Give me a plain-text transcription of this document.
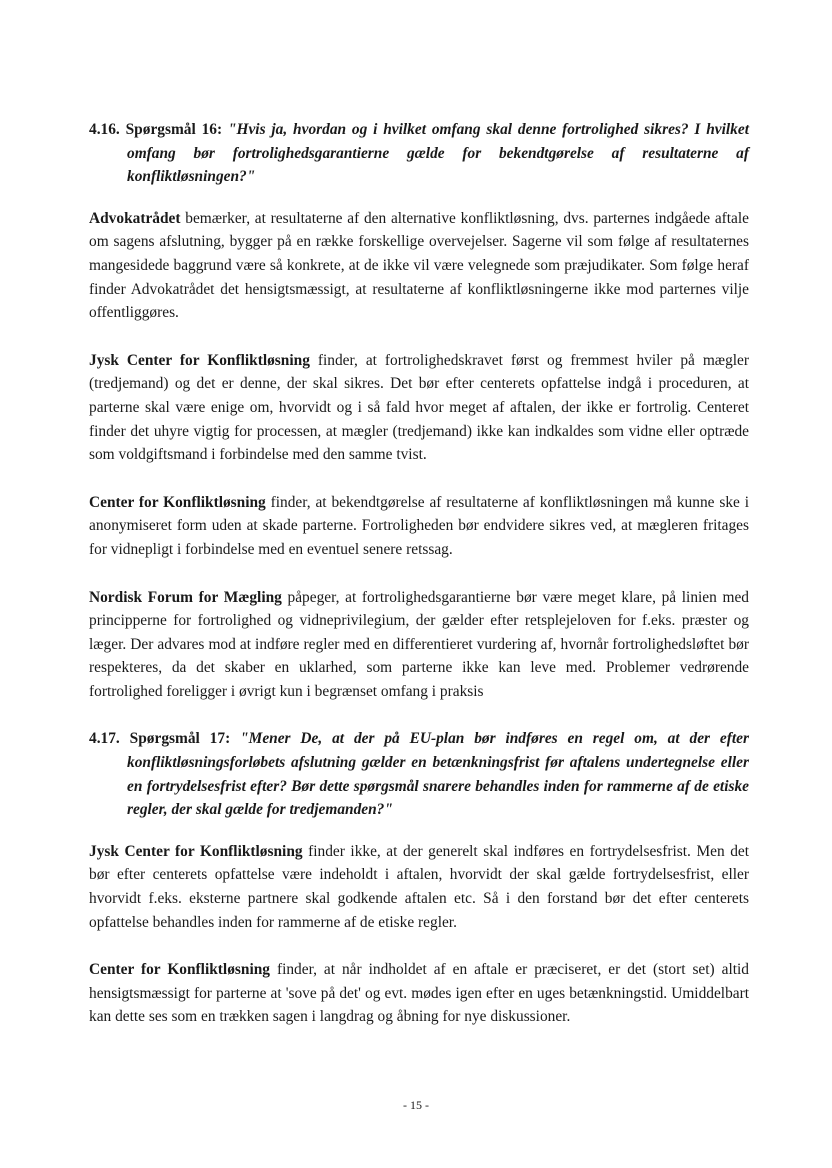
4.16. Spørgsmål 16: "Hvis ja, hvordan og i hvilket omfang skal denne fortrolighed sikres? I hvilket omfang bør fortrolighedsgarantierne gælde for bekendtgørelse af resultaterne af konfliktløsningen?"
Advokatrådet bemærker, at resultaterne af den alternative konfliktløsning, dvs. parternes indgåede aftale om sagens afslutning, bygger på en række forskellige overvejelser. Sagerne vil som følge af resultaternes mangesidede baggrund være så konkrete, at de ikke vil være velegnede som præjudikater. Som følge heraf finder Advokatrådet det hensigtsmæssigt, at resultaterne af konfliktløsningerne ikke mod parternes vilje offentliggøres.
Jysk Center for Konfliktløsning finder, at fortrolighedskravet først og fremmest hviler på mægler (tredjemand) og det er denne, der skal sikres. Det bør efter centerets opfattelse indgå i proceduren, at parterne skal være enige om, hvorvidt og i så fald hvor meget af aftalen, der ikke er fortrolig. Centeret finder det uhyre vigtig for processen, at mægler (tredjemand) ikke kan indkaldes som vidne eller optræde som voldgiftsmand i forbindelse med den samme tvist.
Center for Konfliktløsning finder, at bekendtgørelse af resultaterne af konfliktløsningen må kunne ske i anonymiseret form uden at skade parterne. Fortroligheden bør endvidere sikres ved, at mægleren fritages for vidnepligt i forbindelse med en eventuel senere retssag.
Nordisk Forum for Mægling påpeger, at fortrolighedsgarantierne bør være meget klare, på linien med principperne for fortrolighed og vidneprivilegium, der gælder efter retsplejeloven for f.eks. præster og læger. Der advares mod at indføre regler med en differentieret vurdering af, hvornår fortrolighedsløftet bør respekteres, da det skaber en uklarhed, som parterne ikke kan leve med. Problemer vedrørende fortrolighed foreligger i øvrigt kun i begrænset omfang i praksis
4.17. Spørgsmål 17: "Mener De, at der på EU-plan bør indføres en regel om, at der efter konfliktløsningsforløbets afslutning gælder en betænkningsfrist før aftalens undertegnelse eller en fortrydelsesfrist efter? Bør dette spørgsmål snarere behandles inden for rammerne af de etiske regler, der skal gælde for tredjemanden?"
Jysk Center for Konfliktløsning finder ikke, at der generelt skal indføres en fortrydelsesfrist. Men det bør efter centerets opfattelse være indeholdt i aftalen, hvorvidt der skal gælde fortrydelsesfrist, eller hvorvidt f.eks. eksterne partnere skal godkende aftalen etc. Så i den forstand bør det efter centerets opfattelse behandles inden for rammerne af de etiske regler.
Center for Konfliktløsning finder, at når indholdet af en aftale er præciseret, er det (stort set) altid hensigtsmæssigt for parterne at 'sove på det' og evt. mødes igen efter en uges betænkningstid. Umiddelbart kan dette ses som en trækken sagen i langdrag og åbning for nye diskussioner.
- 15 -
